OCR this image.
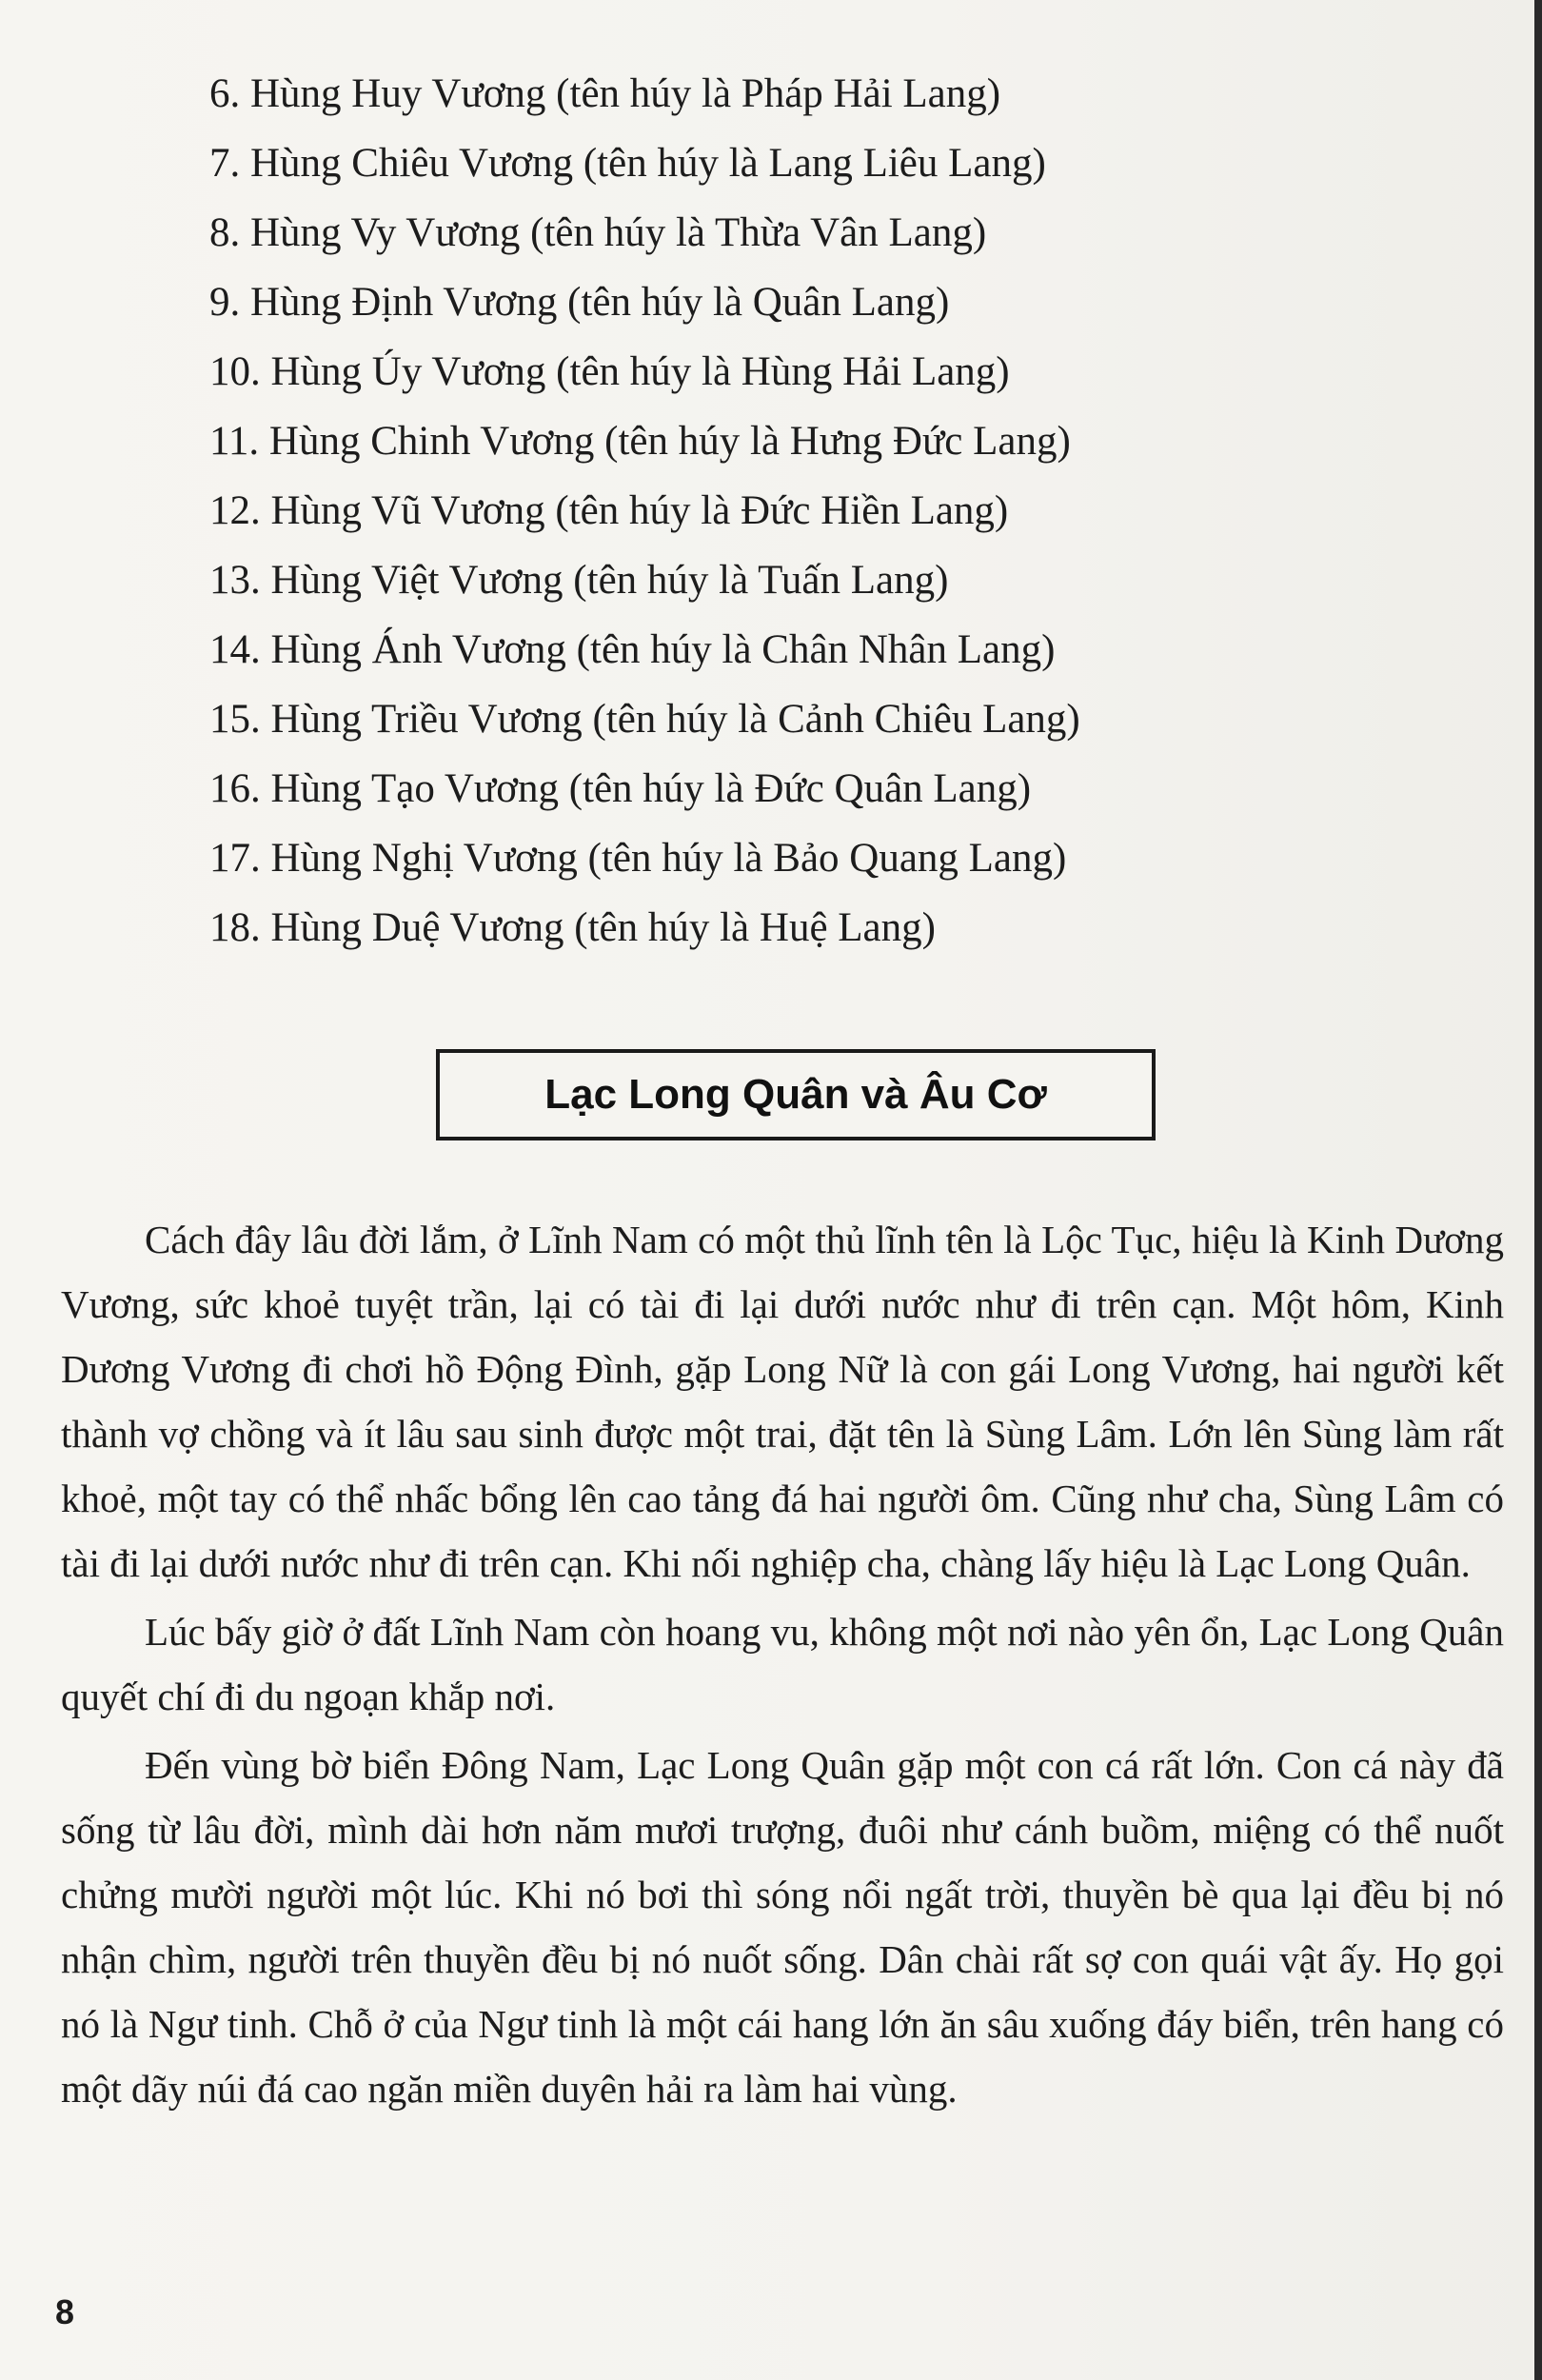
6. Hùng Huy Vương (tên húy là Pháp Hải Lang)
7. Hùng Chiêu Vương (tên húy là Lang Liêu Lang)
8. Hùng Vy Vương (tên húy là Thừa Vân Lang)
9. Hùng Định Vương (tên húy là Quân Lang)
10. Hùng Úy Vương (tên húy là Hùng Hải Lang)
11. Hùng Chinh Vương (tên húy là Hưng Đức Lang)
12. Hùng Vũ Vương (tên húy là Đức Hiền Lang)
13. Hùng Việt Vương (tên húy là Tuấn Lang)
14. Hùng Ánh Vương (tên húy là Chân Nhân Lang)
15. Hùng Triều Vương (tên húy là Cảnh Chiêu Lang)
16. Hùng Tạo Vương (tên húy là Đức Quân Lang)
17. Hùng Nghị Vương (tên húy là Bảo Quang Lang)
18. Hùng Duệ Vương (tên húy là Huệ Lang)
Lạc Long Quân và Âu Cơ

Cách đây lâu đời lắm, ở Lĩnh Nam có một thủ lĩnh tên là Lộc Tục, hiệu là Kinh Dương Vương, sức khoẻ tuyệt trần, lại có tài đi lại dưới nước như đi trên cạn. Một hôm, Kinh Dương Vương đi chơi hồ Động Đình, gặp Long Nữ là con gái Long Vương, hai người kết thành vợ chồng và ít lâu sau sinh được một trai, đặt tên là Sùng Lâm. Lớn lên Sùng làm rất khoẻ, một tay có thể nhấc bổng lên cao tảng đá hai người ôm. Cũng như cha, Sùng Lâm có tài đi lại dưới nước như đi trên cạn. Khi nối nghiệp cha, chàng lấy hiệu là Lạc Long Quân.

Lúc bấy giờ ở đất Lĩnh Nam còn hoang vu, không một nơi nào yên ổn, Lạc Long Quân quyết chí đi du ngoạn khắp nơi.

Đến vùng bờ biển Đông Nam, Lạc Long Quân gặp một con cá rất lớn. Con cá này đã sống từ lâu đời, mình dài hơn năm mươi trượng, đuôi như cánh buồm, miệng có thể nuốt chửng mười người một lúc. Khi nó bơi thì sóng nổi ngất trời, thuyền bè qua lại đều bị nó nhận chìm, người trên thuyền đều bị nó nuốt sống. Dân chài rất sợ con quái vật ấy. Họ gọi nó là Ngư tinh. Chỗ ở của Ngư tinh là một cái hang lớn ăn sâu xuống đáy biển, trên hang có một dãy núi đá cao ngăn miền duyên hải ra làm hai vùng.

8
